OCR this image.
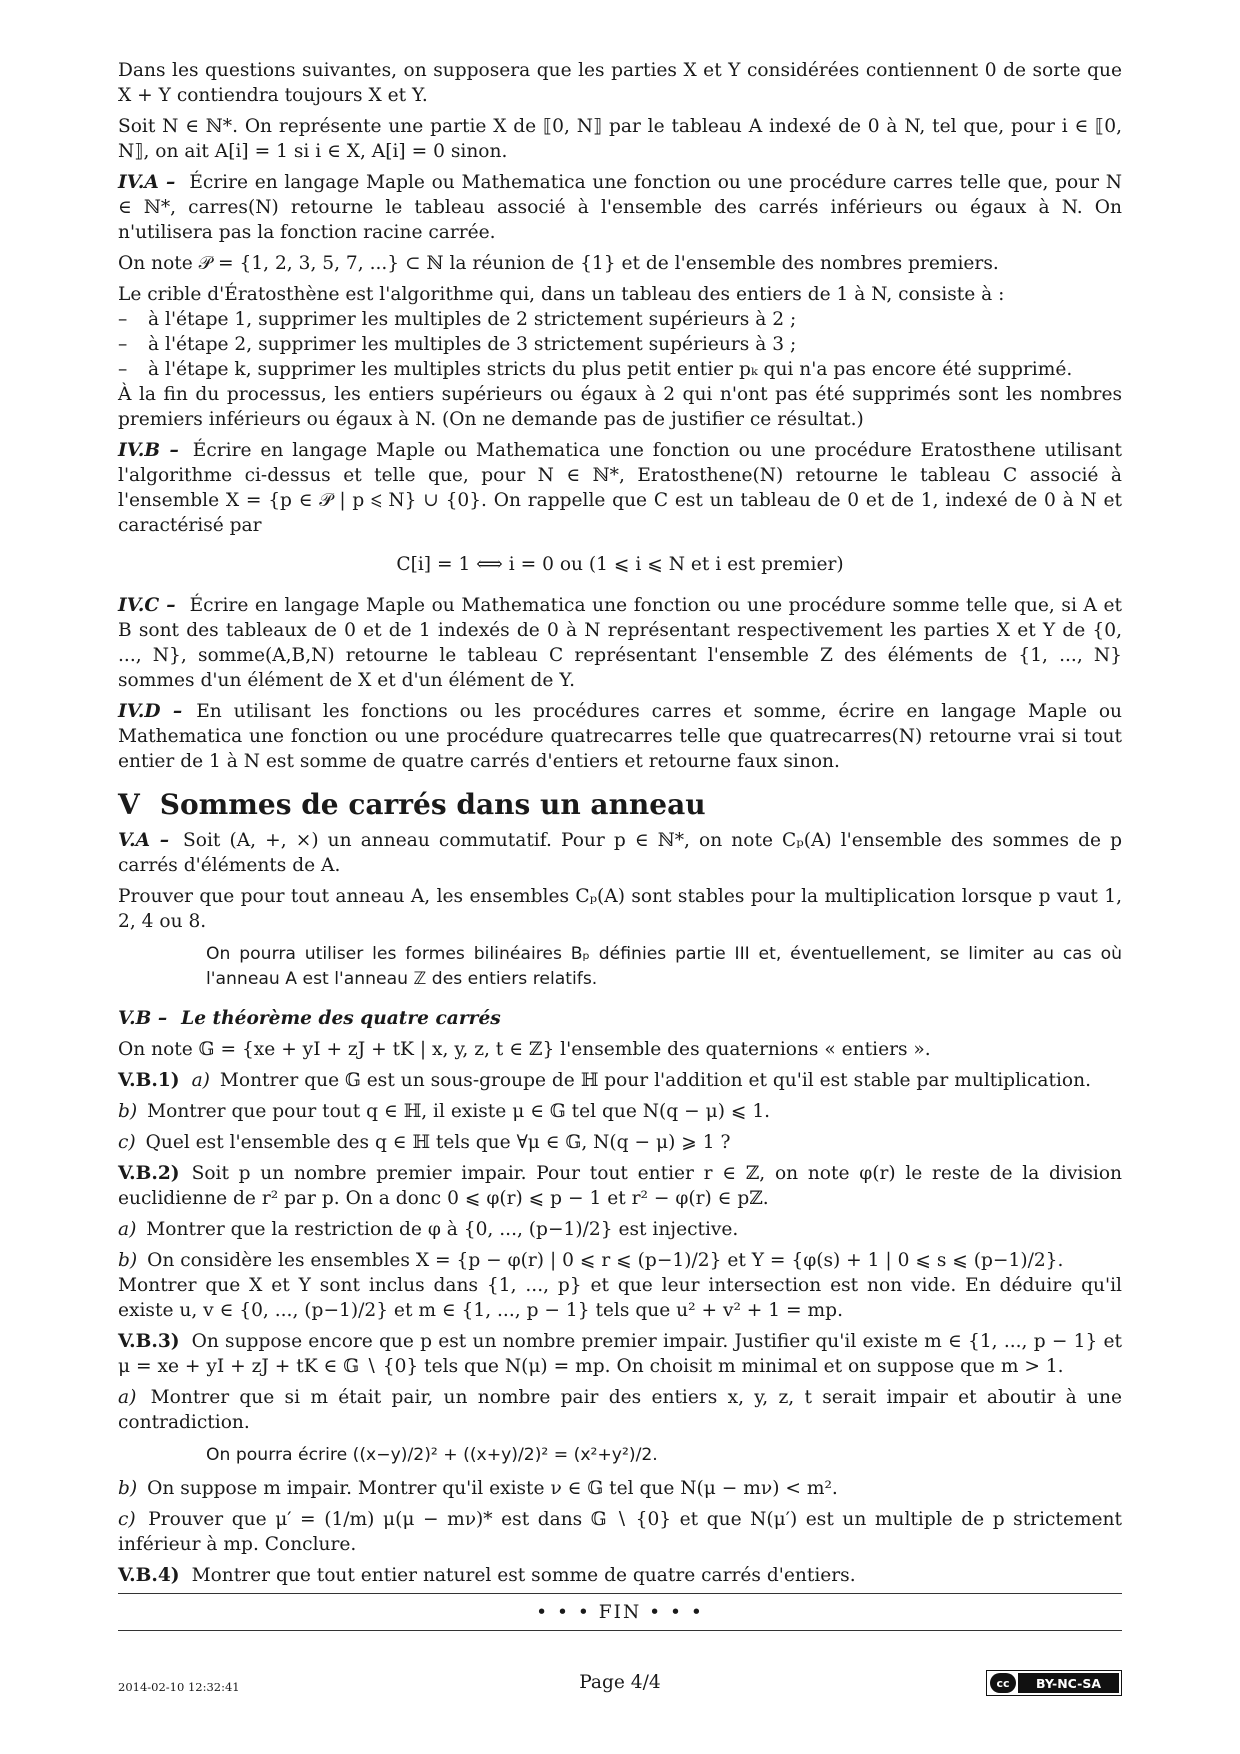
Dans les questions suivantes, on supposera que les parties X et Y considérées contiennent 0 de sorte que X + Y contiendra toujours X et Y.

Soit N ∈ ℕ*. On représente une partie X de ⟦0, N⟧ par le tableau A indexé de 0 à N, tel que, pour i ∈ ⟦0, N⟧, on ait A[i] = 1 si i ∈ X, A[i] = 0 sinon.

IV.A – Écrire en langage Maple ou Mathematica une fonction ou une procédure carres telle que, pour N ∈ ℕ*, carres(N) retourne le tableau associé à l'ensemble des carrés inférieurs ou égaux à N. On n'utilisera pas la fonction racine carrée.

On note 𝒫 = {1, 2, 3, 5, 7, ...} ⊂ ℕ la réunion de {1} et de l'ensemble des nombres premiers.

Le crible d'Ératosthène est l'algorithme qui, dans un tableau des entiers de 1 à N, consiste à :

–	à l'étape 1, supprimer les multiples de 2 strictement supérieurs à 2 ;
–	à l'étape 2, supprimer les multiples de 3 strictement supérieurs à 3 ;
–	à l'étape k, supprimer les multiples stricts du plus petit entier pₖ qui n'a pas encore été supprimé.

À la fin du processus, les entiers supérieurs ou égaux à 2 qui n'ont pas été supprimés sont les nombres premiers inférieurs ou égaux à N. (On ne demande pas de justifier ce résultat.)

IV.B – Écrire en langage Maple ou Mathematica une fonction ou une procédure Eratosthene utilisant l'algorithme ci-dessus et telle que, pour N ∈ ℕ*, Eratosthene(N) retourne le tableau C associé à l'ensemble X = {p ∈ 𝒫 | p ⩽ N} ∪ {0}. On rappelle que C est un tableau de 0 et de 1, indexé de 0 à N et caractérisé par

C[i] = 1 ⟺ i = 0 ou (1 ⩽ i ⩽ N et i est premier)

IV.C – Écrire en langage Maple ou Mathematica une fonction ou une procédure somme telle que, si A et B sont des tableaux de 0 et de 1 indexés de 0 à N représentant respectivement les parties X et Y de {0, ..., N}, somme(A,B,N) retourne le tableau C représentant l'ensemble Z des éléments de {1, ..., N} sommes d'un élément de X et d'un élément de Y.

IV.D – En utilisant les fonctions ou les procédures carres et somme, écrire en langage Maple ou Mathematica une fonction ou une procédure quatrecarres telle que quatrecarres(N) retourne vrai si tout entier de 1 à N est somme de quatre carrés d'entiers et retourne faux sinon.

V Sommes de carrés dans un anneau

V.A – Soit (A, +, ×) un anneau commutatif. Pour p ∈ ℕ*, on note Cₚ(A) l'ensemble des sommes de p carrés d'éléments de A.

Prouver que pour tout anneau A, les ensembles Cₚ(A) sont stables pour la multiplication lorsque p vaut 1, 2, 4 ou 8.

On pourra utiliser les formes bilinéaires Bₚ définies partie III et, éventuellement, se limiter au cas où l'anneau A est l'anneau ℤ des entiers relatifs.

V.B – Le théorème des quatre carrés

On note 𝔾 = {xe + yI + zJ + tK | x, y, z, t ∈ ℤ} l'ensemble des quaternions « entiers ».

V.B.1) a) Montrer que 𝔾 est un sous-groupe de ℍ pour l'addition et qu'il est stable par multiplication.

b) Montrer que pour tout q ∈ ℍ, il existe μ ∈ 𝔾 tel que N(q − μ) ⩽ 1.

c) Quel est l'ensemble des q ∈ ℍ tels que ∀μ ∈ 𝔾, N(q − μ) ⩾ 1 ?

V.B.2) Soit p un nombre premier impair. Pour tout entier r ∈ ℤ, on note φ(r) le reste de la division euclidienne de r² par p. On a donc 0 ⩽ φ(r) ⩽ p − 1 et r² − φ(r) ∈ pℤ.

a) Montrer que la restriction de φ à {0, ..., (p−1)/2} est injective.

b) On considère les ensembles X = {p − φ(r) | 0 ⩽ r ⩽ (p−1)/2} et Y = {φ(s) + 1 | 0 ⩽ s ⩽ (p−1)/2}.

Montrer que X et Y sont inclus dans {1, ..., p} et que leur intersection est non vide. En déduire qu'il existe u, v ∈ {0, ..., (p−1)/2} et m ∈ {1, ..., p − 1} tels que u² + v² + 1 = mp.

V.B.3) On suppose encore que p est un nombre premier impair. Justifier qu'il existe m ∈ {1, ..., p − 1} et μ = xe + yI + zJ + tK ∈ 𝔾 ∖ {0} tels que N(μ) = mp. On choisit m minimal et on suppose que m > 1.

a) Montrer que si m était pair, un nombre pair des entiers x, y, z, t serait impair et aboutir à une contradiction.

On pourra écrire ((x−y)/2)² + ((x+y)/2)² = (x²+y²)/2.

b) On suppose m impair. Montrer qu'il existe ν ∈ 𝔾 tel que N(μ − mν) < m².

c) Prouver que μ′ = (1/m) μ(μ − mν)* est dans 𝔾 ∖ {0} et que N(μ′) est un multiple de p strictement inférieur à mp. Conclure.

V.B.4) Montrer que tout entier naturel est somme de quatre carrés d'entiers.

• • • FIN • • •
2014-02-10 12:32:41	Page 4/4	cc	BY-NC-SA
